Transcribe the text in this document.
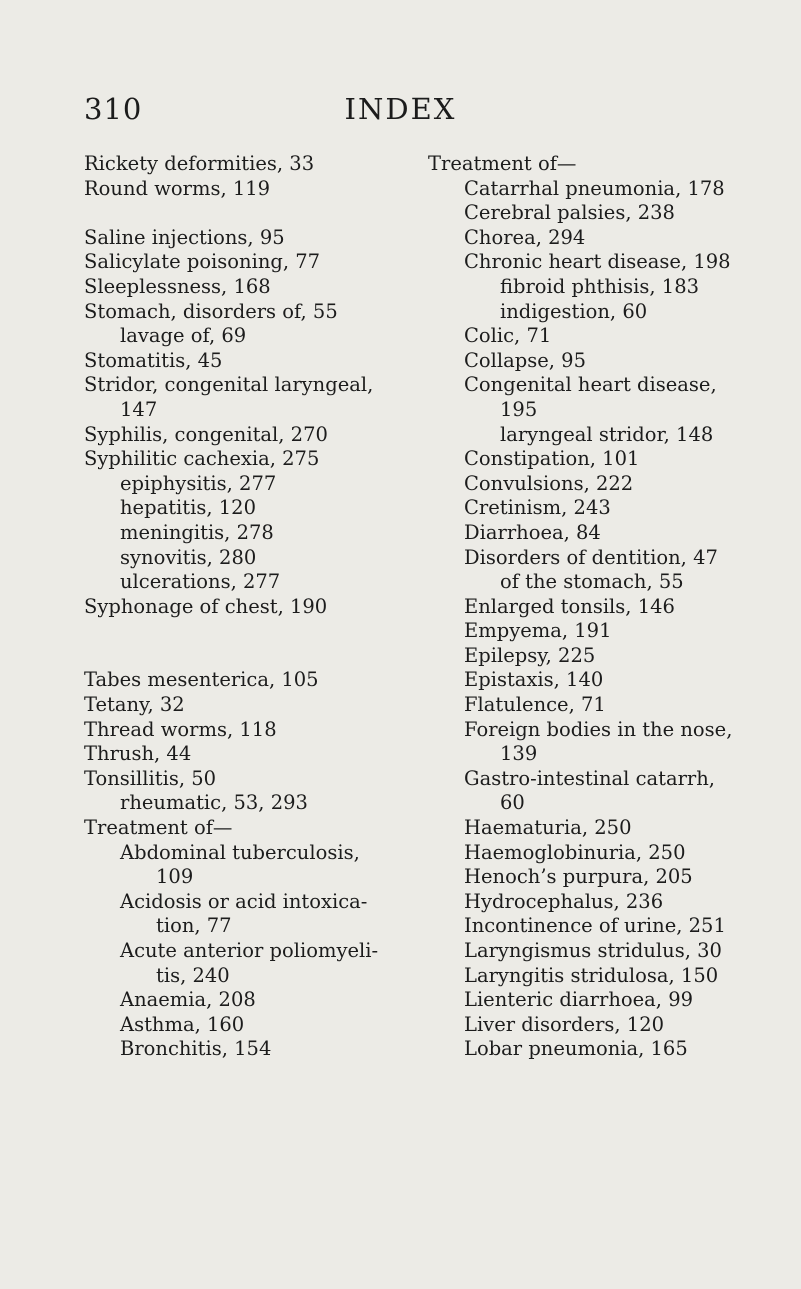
310	INDEX
Rickety deformities, 33
Round worms, 119
Saline injections, 95
Salicylate poisoning, 77
Sleeplessness, 168
Stomach, disorders of, 55
lavage of, 69
Stomatitis, 45
Stridor, congenital laryngeal,
147
Syphilis, congenital, 270
Syphilitic cachexia, 275
epiphysitis, 277
hepatitis, 120
meningitis, 278
synovitis, 280
ulcerations, 277
Syphonage of chest, 190
Tabes mesenterica, 105
Tetany, 32
Thread worms, 118
Thrush, 44
Tonsillitis, 50
rheumatic, 53, 293
Treatment of—
Abdominal tuberculosis,
109
Acidosis or acid intoxica-
tion, 77
Acute anterior poliomyeli-
tis, 240
Anaemia, 208
Asthma, 160
Bronchitis, 154
Treatment of—
Catarrhal pneumonia, 178
Cerebral palsies, 238
Chorea, 294
Chronic heart disease, 198
fibroid phthisis, 183
indigestion, 60
Colic, 71
Collapse, 95
Congenital heart disease,
195
laryngeal stridor, 148
Constipation, 101
Convulsions, 222
Cretinism, 243
Diarrhoea, 84
Disorders of dentition, 47
of the stomach, 55
Enlarged tonsils, 146
Empyema, 191
Epilepsy, 225
Epistaxis, 140
Flatulence, 71
Foreign bodies in the nose,
139
Gastro-intestinal catarrh,
60
Haematuria, 250
Haemoglobinuria, 250
Henoch’s purpura, 205
Hydrocephalus, 236
Incontinence of urine, 251
Laryngismus stridulus, 30
Laryngitis stridulosa, 150
Lienteric diarrhoea, 99
Liver disorders, 120
Lobar pneumonia, 165
